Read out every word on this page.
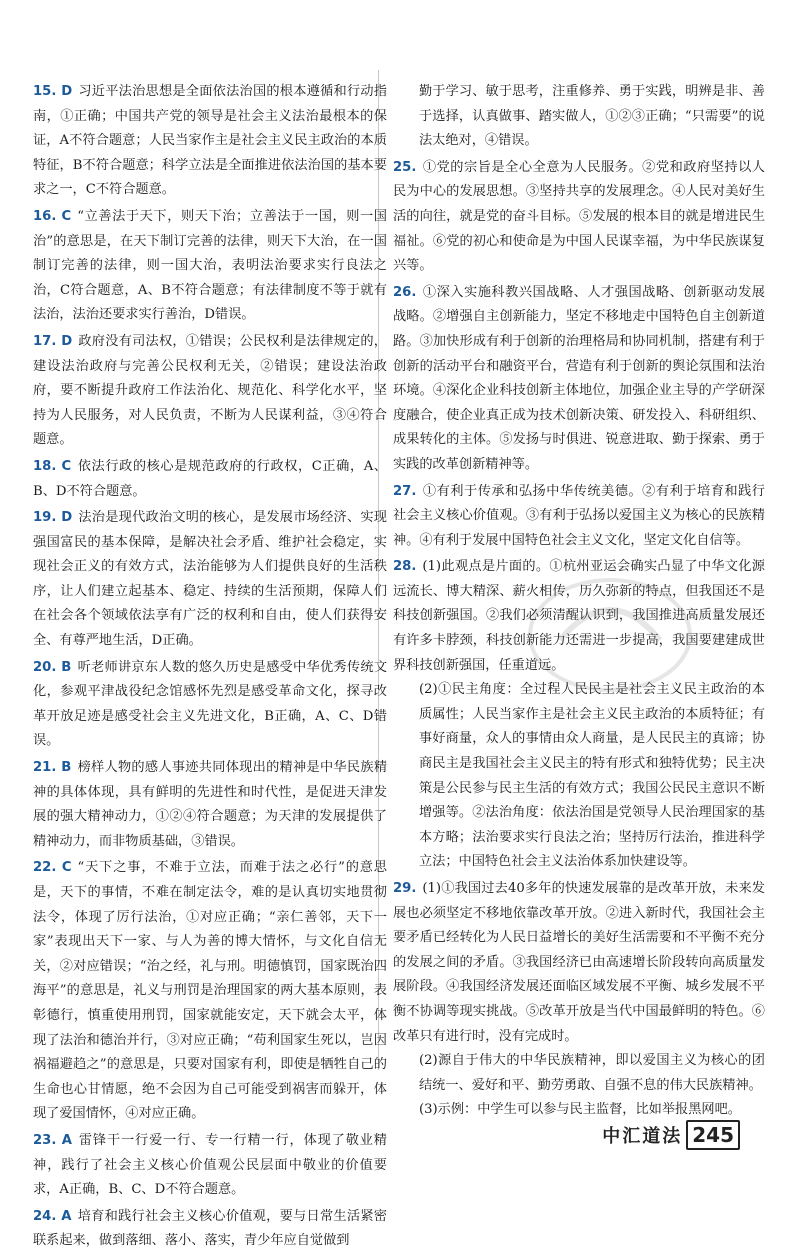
15. D 习近平法治思想是全面依法治国的根本遵循和行动指南，①正确；中国共产党的领导是社会主义法治最根本的保证，A不符合题意；人民当家作主是社会主义民主政治的本质特征，B不符合题意；科学立法是全面推进依法治国的基本要求之一，C不符合题意。

16. C “立善法于天下，则天下治；立善法于一国，则一国治”的意思是，在天下制订完善的法律，则天下大治，在一国制订完善的法律，则一国大治，表明法治要求实行良法之治，C符合题意，A、B不符合题意；有法律制度不等于就有法治，法治还要求实行善治，D错误。

17. D 政府没有司法权，①错误；公民权利是法律规定的，建设法治政府与完善公民权利无关，②错误；建设法治政府，要不断提升政府工作法治化、规范化、科学化水平，坚持为人民服务，对人民负责，不断为人民谋利益，③④符合题意。

18. C 依法行政的核心是规范政府的行政权，C正确，A、B、D不符合题意。

19. D 法治是现代政治文明的核心，是发展市场经济、实现强国富民的基本保障，是解决社会矛盾、维护社会稳定，实现社会正义的有效方式，法治能够为人们提供良好的生活秩序，让人们建立起基本、稳定、持续的生活预期，保障人们在社会各个领域依法享有广泛的权利和自由，使人们获得安全、有尊严地生活，D正确。

20. B 听老师讲京东人数的悠久历史是感受中华优秀传统文化，参观平津战役纪念馆感怀先烈是感受革命文化，探寻改革开放足迹是感受社会主义先进文化，B正确，A、C、D错误。

21. B 榜样人物的感人事迹共同体现出的精神是中华民族精神的具体体现，具有鲜明的先进性和时代性，是促进天津发展的强大精神动力，①②④符合题意；为天津的发展提供了精神动力，而非物质基础，③错误。

22. C “天下之事，不难于立法，而难于法之必行”的意思是，天下的事情，不难在制定法令，难的是认真切实地贯彻法令，体现了厉行法治，①对应正确；“亲仁善邻，天下一家”表现出天下一家、与人为善的博大情怀，与文化自信无关，②对应错误；“治之经，礼与刑。明德慎罚，国家既治四海平”的意思是，礼义与刑罚是治理国家的两大基本原则，表彰德行，慎重使用刑罚，国家就能安定，天下就会太平，体现了法治和德治并行，③对应正确；“苟利国家生死以，岂因祸福避趋之”的意思是，只要对国家有利，即使是牺牲自己的生命也心甘情愿，绝不会因为自己可能受到祸害而躲开，体现了爱国情怀，④对应正确。

23. A 雷锋干一行爱一行、专一行精一行，体现了敬业精神，践行了社会主义核心价值观公民层面中敬业的价值要求，A正确，B、C、D不符合题意。

24. A 培育和践行社会主义核心价值观，要与日常生活紧密联系起来，做到落细、落小、落实，青少年应自觉做到

勤于学习、敏于思考，注重修养、勇于实践，明辨是非、善于选择，认真做事、踏实做人，①②③正确；“只需要”的说法太绝对，④错误。

25. ①党的宗旨是全心全意为人民服务。②党和政府坚持以人民为中心的发展思想。③坚持共享的发展理念。④人民对美好生活的向往，就是党的奋斗目标。⑤发展的根本目的就是增进民生福祉。⑥党的初心和使命是为中国人民谋幸福，为中华民族谋复兴等。

26. ①深入实施科教兴国战略、人才强国战略、创新驱动发展战略。②增强自主创新能力，坚定不移地走中国特色自主创新道路。③加快形成有利于创新的治理格局和协同机制，搭建有利于创新的活动平台和融资平台，营造有利于创新的舆论氛围和法治环境。④深化企业科技创新主体地位，加强企业主导的产学研深度融合，使企业真正成为技术创新决策、研发投入、科研组织、成果转化的主体。⑤发扬与时俱进、锐意进取、勤于探索、勇于实践的改革创新精神等。

27. ①有利于传承和弘扬中华传统美德。②有利于培育和践行社会主义核心价值观。③有利于弘扬以爱国主义为核心的民族精神。④有利于发展中国特色社会主义文化，坚定文化自信等。

28. (1)此观点是片面的。①杭州亚运会确实凸显了中华文化源远流长、博大精深、薪火相传，历久弥新的特点，但我国还不是科技创新强国。②我们必须清醒认识到，我国推进高质量发展还有许多卡脖颈，科技创新能力还需进一步提高，我国要建建成世界科技创新强国，任重道远。
(2)①民主角度：全过程人民民主是社会主义民主政治的本质属性；人民当家作主是社会主义民主政治的本质特征；有事好商量，众人的事情由众人商量，是人民民主的真谛；协商民主是我国社会主义民主的特有形式和独特优势；民主决策是公民参与民主生活的有效方式；我国公民民主意识不断增强等。②法治角度：依法治国是党领导人民治理国家的基本方略；法治要求实行良法之治；坚持厉行法治，推进科学立法；中国特色社会主义法治体系加快建设等。

29. (1)①我国过去40多年的快速发展靠的是改革开放，未来发展也必须坚定不移地依靠改革开放。②进入新时代，我国社会主要矛盾已经转化为人民日益增长的美好生活需要和不平衡不充分的发展之间的矛盾。③我国经济已由高速增长阶段转向高质量发展阶段。④我国经济发展还面临区域发展不平衡、城乡发展不平衡不协调等现实挑战。⑤改革开放是当代中国最鲜明的特色。⑥改革只有进行时，没有完成时。
(2)源自于伟大的中华民族精神，即以爱国主义为核心的团结统一、爱好和平、勤劳勇敢、自强不息的伟大民族精神。
(3)示例：中学生可以参与民主监督，比如举报黑网吧。

中汇道法 245
